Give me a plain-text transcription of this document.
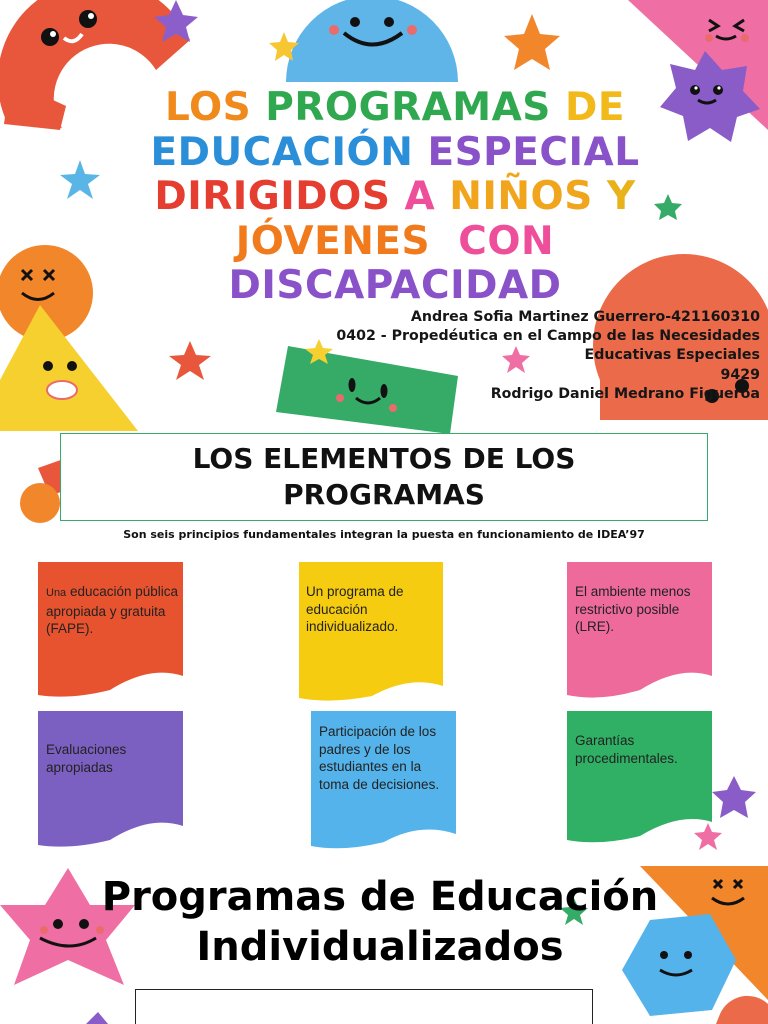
LOS PROGRAMAS DE
EDUCACIÓN ESPECIAL
DIRIGIDOS A NIÑOS Y
JÓVENES  CON
DISCAPACIDAD
Andrea Sofia Martinez Guerrero-421160310
0402 - Propedéutica en el Campo de las Necesidades
Educativas Especiales
9429
Rodrigo Daniel Medrano Figueroa
LOS ELEMENTOS DE LOS
PROGRAMAS
Son seis principios fundamentales integran la puesta en funcionamiento de IDEA’97
Una educación pública apropiada y gratuita (FAPE).
Un programa de educación individualizado.
El ambiente menos restrictivo posible (LRE).
Evaluaciones apropiadas
Participación de los padres y de los estudiantes en la toma de decisiones.
Garantías procedimentales.
Programas de Educación
Individualizados
